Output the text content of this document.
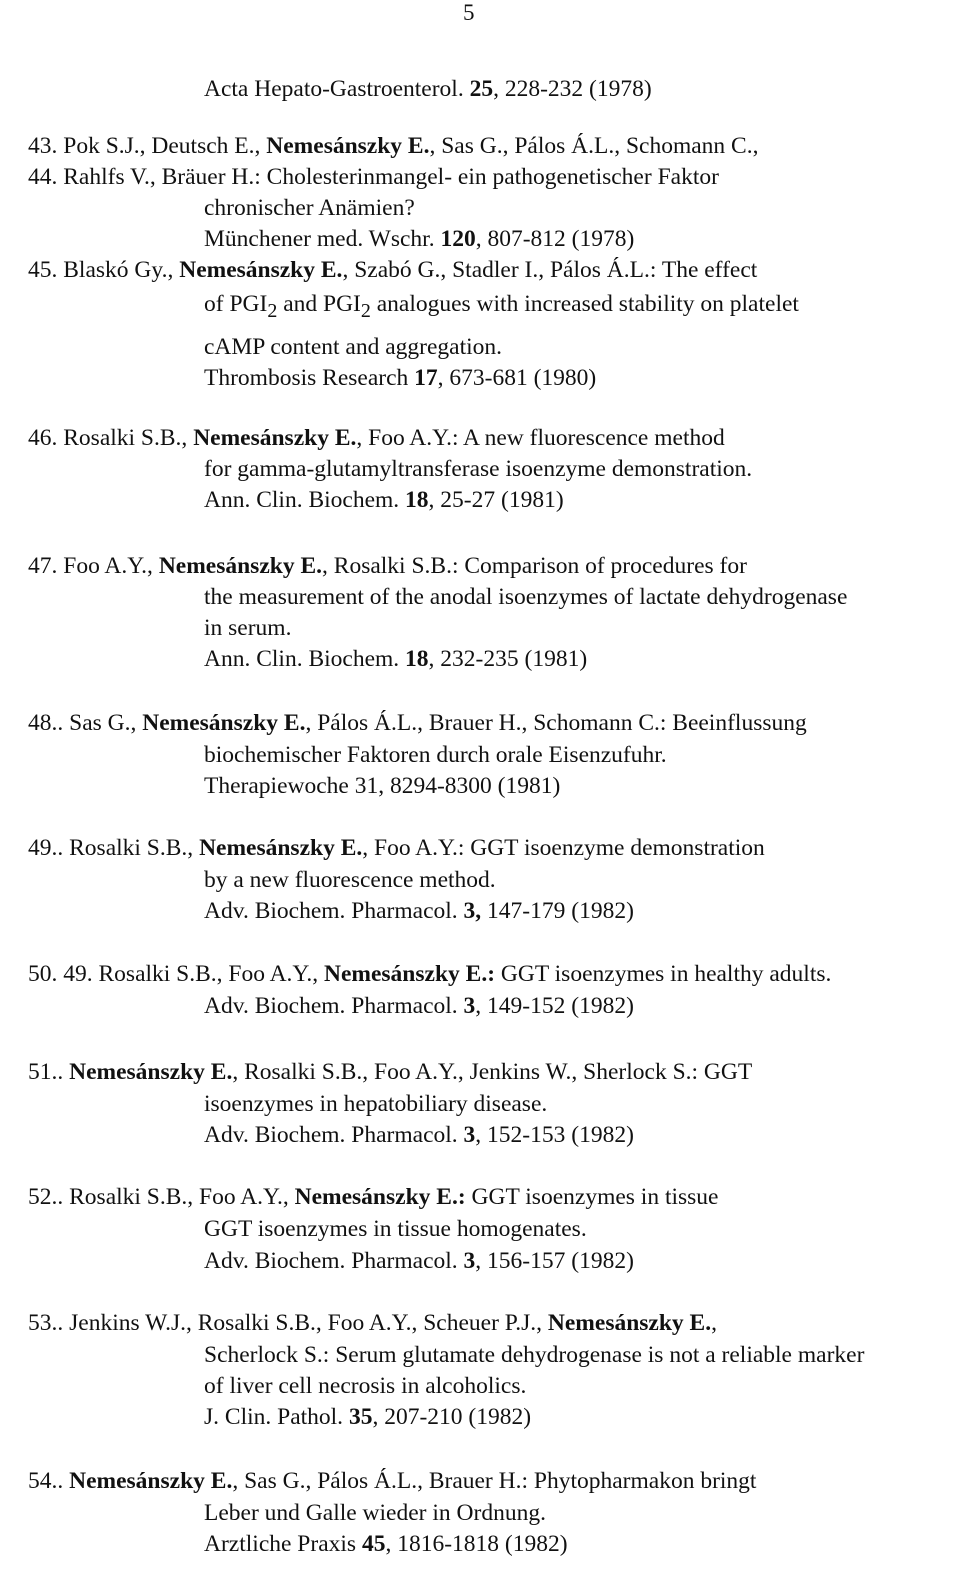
5
Acta Hepato-Gastroenterol. 25, 228-232 (1978)
43. Pok S.J., Deutsch E., Nemesánszky E., Sas G., Pálos Á.L., Schomann C.,
44. Rahlfs V., Bräuer H.: Cholesterinmangel- ein pathogenetischer Faktor
chronischer Anämien?
Münchener med. Wschr. 120, 807-812 (1978)
45. Blaskó Gy., Nemesánszky E., Szabó G., Stadler I., Pálos Á.L.: The effect
of $PGI_2$ and $PGI_2$ analogues with increased stability on platelet
cAMP content and aggregation.
Thrombosis Research 17, 673-681 (1980)
46. Rosalki S.B., Nemesánszky E., Foo A.Y.: A new fluorescence method
for gamma-glutamyltransferase isoenzyme demonstration.
Ann. Clin. Biochem. 18, 25-27 (1981)
47. Foo A.Y., Nemesánszky E., Rosalki S.B.: Comparison of procedures for
the measurement of the anodal isoenzymes of lactate dehydrogenase
in serum.
Ann. Clin. Biochem. 18, 232-235 (1981)
48.. Sas G., Nemesánszky E., Pálos Á.L., Brauer H., Schomann C.: Beeinflussung
biochemischer Faktoren durch orale Eisenzufuhr.
Therapiewoche 31, 8294-8300 (1981)
49.. Rosalki S.B., Nemesánszky E., Foo A.Y.: GGT isoenzyme demonstration
by a new fluorescence method.
Adv. Biochem. Pharmacol. 3, 147-179 (1982)
50. 49. Rosalki S.B., Foo A.Y., Nemesánszky E.: GGT isoenzymes in healthy adults.
Adv. Biochem. Pharmacol. 3, 149-152 (1982)
51.. Nemesánszky E., Rosalki S.B., Foo A.Y., Jenkins W., Sherlock S.: GGT
isoenzymes in hepatobiliary disease.
Adv. Biochem. Pharmacol. 3, 152-153 (1982)
52.. Rosalki S.B., Foo A.Y., Nemesánszky E.: GGT isoenzymes in tissue
GGT isoenzymes in tissue homogenates.
Adv. Biochem. Pharmacol. 3, 156-157 (1982)
53.. Jenkins W.J., Rosalki S.B., Foo A.Y., Scheuer P.J., Nemesánszky E.,
Scherlock S.: Serum glutamate dehydrogenase is not a reliable marker
of liver cell necrosis in alcoholics.
J. Clin. Pathol. 35, 207-210 (1982)
54.. Nemesánszky E., Sas G., Pálos Á.L., Brauer H.: Phytopharmakon bringt
Leber und Galle wieder in Ordnung.
Arztliche Praxis 45, 1816-1818 (1982)
